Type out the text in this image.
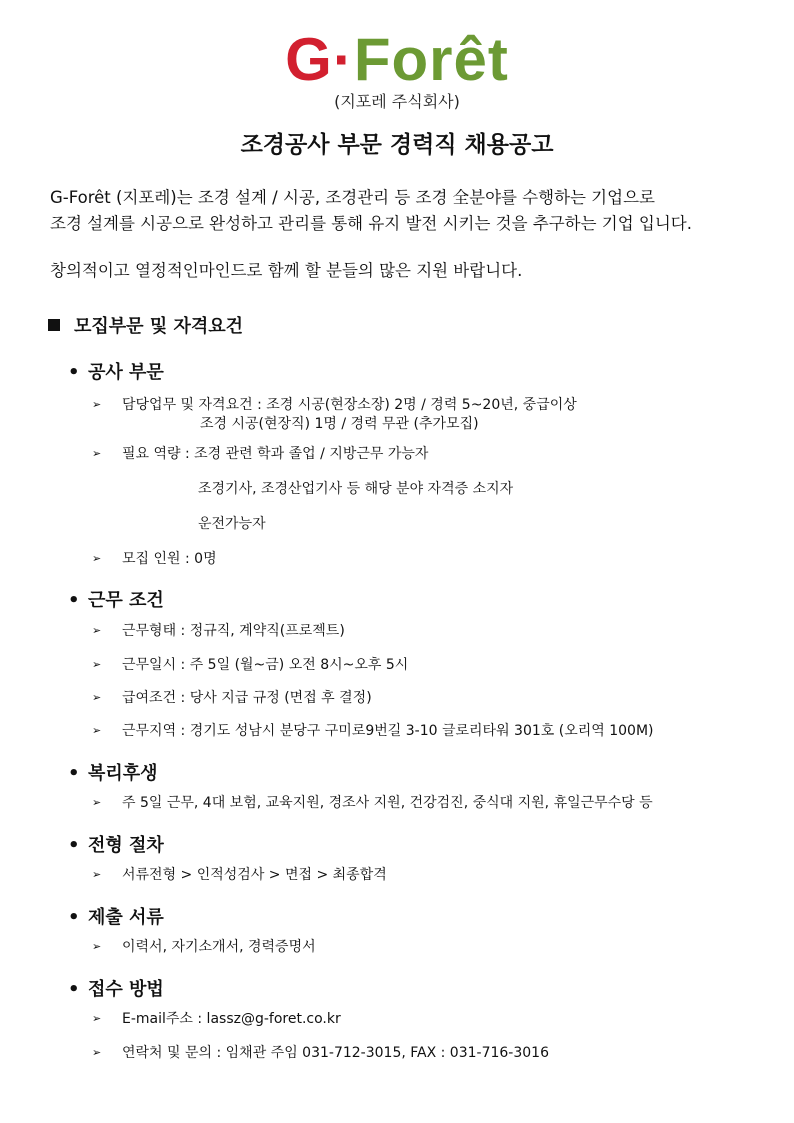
G·Forêt
(지포레 주식회사)
조경공사 부문 경력직 채용공고
G-Forêt (지포레)는 조경 설계 / 시공, 조경관리 등 조경 全분야를 수행하는 기업으로
조경 설계를 시공으로 완성하고 관리를 통해 유지 발전 시키는 것을 추구하는 기업 입니다.
창의적이고 열정적인마인드로 함께 할 분들의 많은 지원 바랍니다.
모집부문 및 자격요건
• 공사 부문
➢ 담당업무 및 자격요건 : 조경 시공(현장소장) 2명 / 경력 5~20년, 중급이상
조경 시공(현장직) 1명 / 경력 무관 (추가모집)
➢ 필요 역량 : 조경 관련 학과 졸업 / 지방근무 가능자
조경기사, 조경산업기사 등 해당 분야 자격증 소지자
운전가능자
➢ 모집 인원 : 0명
• 근무 조건
➢ 근무형태 : 정규직, 계약직(프로젝트)
➢ 근무일시 : 주 5일 (월~금) 오전 8시~오후 5시
➢ 급여조건 : 당사 지급 규정 (면접 후 결정)
➢ 근무지역 : 경기도 성남시 분당구 구미로9번길 3-10 글로리타워 301호 (오리역 100M)
• 복리후생
➢ 주 5일 근무, 4대 보험, 교육지원, 경조사 지원, 건강검진, 중식대 지원, 휴일근무수당 등
• 전형 절차
➢ 서류전형 > 인적성검사 > 면접 > 최종합격
• 제출 서류
➢ 이력서, 자기소개서, 경력증명서
• 접수 방법
➢ E-mail주소 : lassz@g-foret.co.kr
➢ 연락처 및 문의 : 임채관 주임 031-712-3015, FAX : 031-716-3016
